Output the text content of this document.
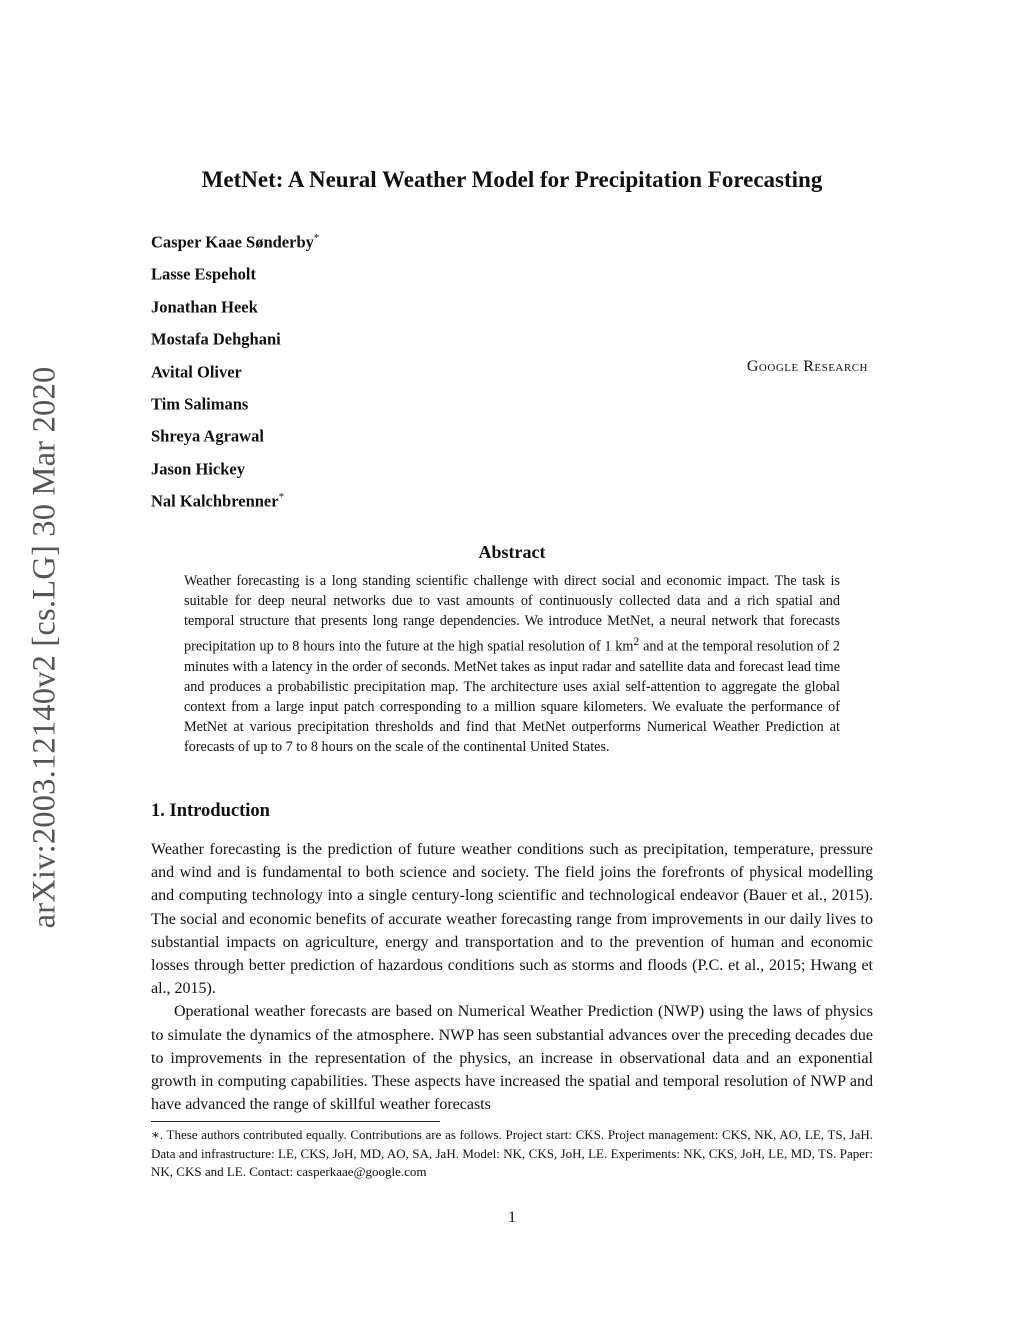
arXiv:2003.12140v2 [cs.LG] 30 Mar 2020
MetNet: A Neural Weather Model for Precipitation Forecasting
Casper Kaae Sønderby*
Lasse Espeholt
Jonathan Heek
Mostafa Dehghani
Avital Oliver
Tim Salimans
Shreya Agrawal
Jason Hickey
Nal Kalchbrenner*
Google Research
Abstract

Weather forecasting is a long standing scientific challenge with direct social and economic impact. The task is suitable for deep neural networks due to vast amounts of continuously collected data and a rich spatial and temporal structure that presents long range dependencies. We introduce MetNet, a neural network that forecasts precipitation up to 8 hours into the future at the high spatial resolution of 1 $km^2$ and at the temporal resolution of 2 minutes with a latency in the order of seconds. MetNet takes as input radar and satellite data and forecast lead time and produces a probabilistic precipitation map. The architecture uses axial self-attention to aggregate the global context from a large input patch corresponding to a million square kilometers. We evaluate the performance of MetNet at various precipitation thresholds and find that MetNet outperforms Numerical Weather Prediction at forecasts of up to 7 to 8 hours on the scale of the continental United States.

1. Introduction

Weather forecasting is the prediction of future weather conditions such as precipitation, temperature, pressure and wind and is fundamental to both science and society. The field joins the forefronts of physical modelling and computing technology into a single century-long scientific and technological endeavor (Bauer et al., 2015). The social and economic benefits of accurate weather forecasting range from improvements in our daily lives to substantial impacts on agriculture, energy and transportation and to the prevention of human and economic losses through better prediction of hazardous conditions such as storms and floods (P.C. et al., 2015; Hwang et al., 2015).

Operational weather forecasts are based on Numerical Weather Prediction (NWP) using the laws of physics to simulate the dynamics of the atmosphere. NWP has seen substantial advances over the preceding decades due to improvements in the representation of the physics, an increase in observational data and an exponential growth in computing capabilities. These aspects have increased the spatial and temporal resolution of NWP and have advanced the range of skillful weather forecasts

∗. These authors contributed equally. Contributions are as follows. Project start: CKS. Project management: CKS, NK, AO, LE, TS, JaH. Data and infrastructure: LE, CKS, JoH, MD, AO, SA, JaH. Model: NK, CKS, JoH, LE. Experiments: NK, CKS, JoH, LE, MD, TS. Paper: NK, CKS and LE. Contact: casperkaae@google.com

1
